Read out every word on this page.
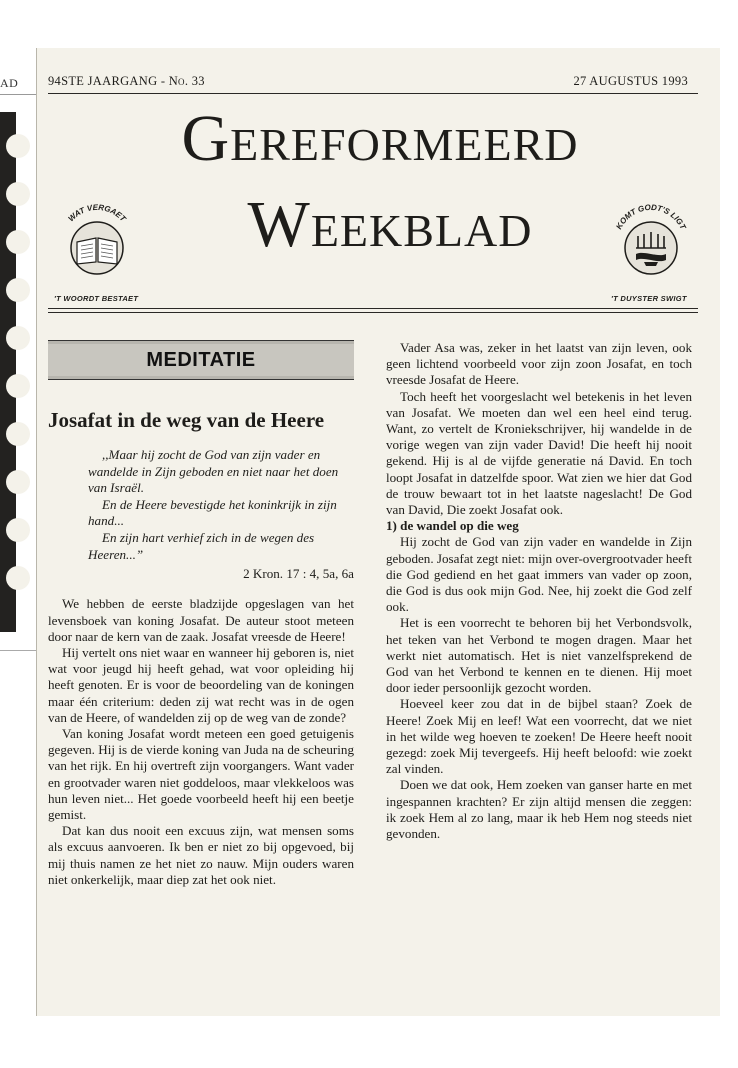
AD 94STE JAARGANG - No. 33	27 AUGUSTUS 1993
Gereformeerd
Weekblad
WAT VERGAET
KOMT GODT'S LIGT
'T WOORDT BESTAET	'T DUYSTER SWIGT
MEDITATIE
Josafat in de weg van de Heere

,,Maar hij zocht de God van zijn vader en wandelde in Zijn geboden en niet naar het doen van Israël.

En de Heere bevestigde het koninkrijk in zijn hand...

En zijn hart verhief zich in de wegen des Heeren...”

2 Kron. 17 : 4, 5a, 6a

We hebben de eerste bladzijde opgeslagen van het levensboek van koning Josafat. De auteur stoot meteen door naar de kern van de zaak. Josafat vreesde de Heere!

Hij vertelt ons niet waar en wanneer hij geboren is, niet wat voor jeugd hij heeft gehad, wat voor opleiding hij heeft genoten. Er is voor de beoordeling van de koningen maar één criterium: deden zij wat recht was in de ogen van de Heere, of wandelden zij op de weg van de zonde?

Van koning Josafat wordt meteen een goed getuigenis gegeven. Hij is de vierde koning van Juda na de scheuring van het rijk. En hij overtreft zijn voorgangers. Want vader en grootvader waren niet goddeloos, maar vlekkeloos was hun leven niet... Het goede voorbeeld heeft hij een beetje gemist.

Dat kan dus nooit een excuus zijn, wat mensen soms als excuus aanvoeren. Ik ben er niet zo bij opgevoed, bij mij thuis namen ze het niet zo nauw. Mijn ouders waren niet onkerkelijk, maar diep zat het ook niet.

Vader Asa was, zeker in het laatst van zijn leven, ook geen lichtend voorbeeld voor zijn zoon Josafat, en toch vreesde Josafat de Heere.

Toch heeft het voorgeslacht wel betekenis in het leven van Josafat. We moeten dan wel een heel eind terug. Want, zo vertelt de Kroniekschrijver, hij wandelde in de vorige wegen van zijn vader David! Die heeft hij nooit gekend. Hij is al de vijfde generatie ná David. En toch loopt Josafat in datzelfde spoor. Wat zien we hier dat God de trouw bewaart tot in het laatste nageslacht! De God van David, Die zoekt Josafat ook.

1) de wandel op die weg

Hij zocht de God van zijn vader en wandelde in Zijn geboden. Josafat zegt niet: mijn over-overgrootvader heeft die God gediend en het gaat immers van vader op zoon, die God is dus ook mijn God. Nee, hij zoekt die God zelf ook.

Het is een voorrecht te behoren bij het Verbondsvolk, het teken van het Verbond te mogen dragen. Maar het werkt niet automatisch. Het is niet vanzelfsprekend de God van het Verbond te kennen en te dienen. Hij moet door ieder persoonlijk gezocht worden.

Hoeveel keer zou dat in de bijbel staan? Zoek de Heere! Zoek Mij en leef! Wat een voorrecht, dat we niet in het wilde weg hoeven te zoeken! De Heere heeft nooit gezegd: zoek Mij tevergeefs. Hij heeft beloofd: wie zoekt zal vinden.

Doen we dat ook, Hem zoeken van ganser harte en met ingespannen krachten? Er zijn altijd mensen die zeggen: ik zoek Hem al zo lang, maar ik heb Hem nog steeds niet gevonden.
